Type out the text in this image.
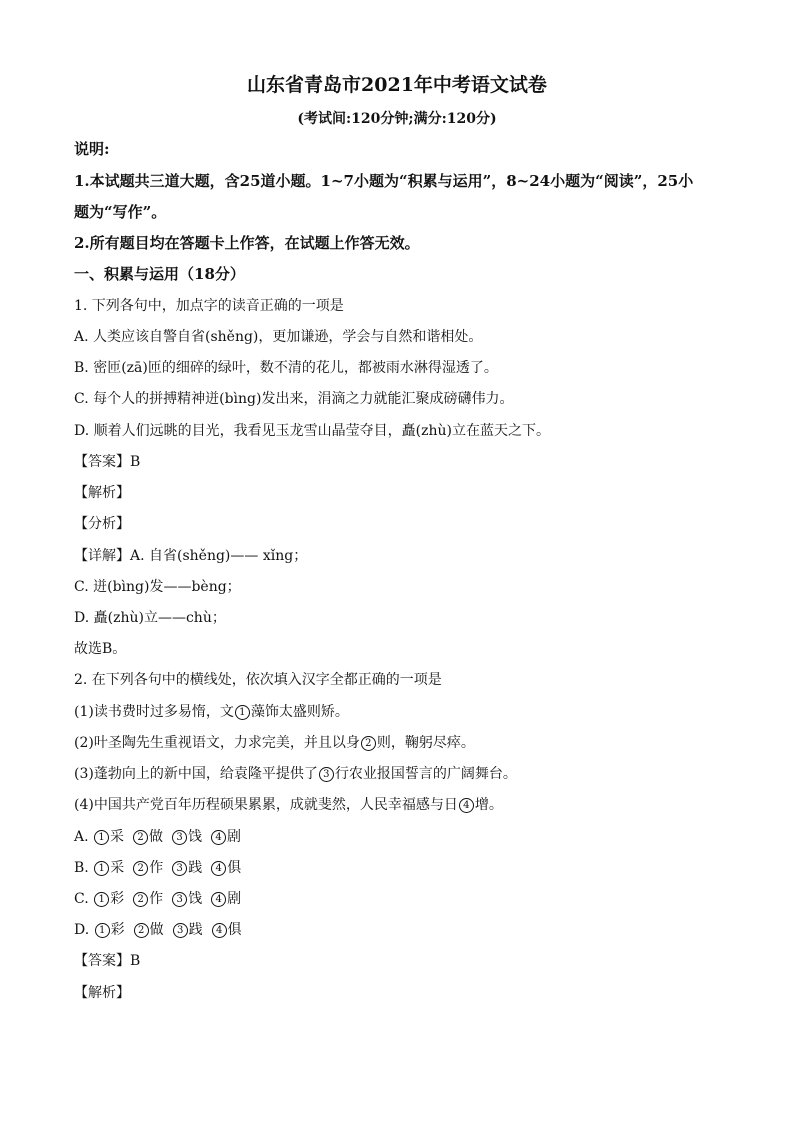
山东省青岛市2021年中考语文试卷
(考试间:120分钟;满分:120分)
说明:
1.本试题共三道大题，含25道小题。1~7小题为“积累与运用”，8~24小题为“阅读”，25小
题为“写作”。
2.所有题目均在答题卡上作答，在试题上作答无效。
一、积累与运用（18分）
1. 下列各句中，加点字的读音正确的一项是
A. 人类应该自警自省(shěng)，更加谦逊，学会与自然和谐相处。
B. 密匝(zā)匝的细碎的绿叶，数不清的花儿，都被雨水淋得湿透了。
C. 每个人的拼搏精神迸(bìng)发出来，涓滴之力就能汇聚成磅礴伟力。
D. 顺着人们远眺的目光，我看见玉龙雪山晶莹夺目，矗(zhù)立在蓝天之下。
【答案】B
【解析】
【分析】
【详解】A. 自省(shěng)—— xǐng；
C. 迸(bìng)发——bèng；
D. 矗(zhù)立——chù；
故选B。
2. 在下列各句中的横线处，依次填入汉字全都正确的一项是
(1)读书费时过多易惰，文 1 藻饰太盛则矫。
(2)叶圣陶先生重视语文，力求完美，并且以身 2 则，鞠躬尽瘁。
(3)蓬勃向上的新中国，给袁隆平提供了 3 行农业报国誓言的广阔舞台。
(4)中国共产党百年历程硕果累累，成就斐然，人民幸福感与日 4 增。
A. 1 采 2 做 3 饯 4 剧
B. 1 采 2 作 3 践 4 俱
C. 1 彩 2 作 3 饯 4 剧
D. 1 彩 2 做 3 践 4 俱
【答案】B
【解析】
